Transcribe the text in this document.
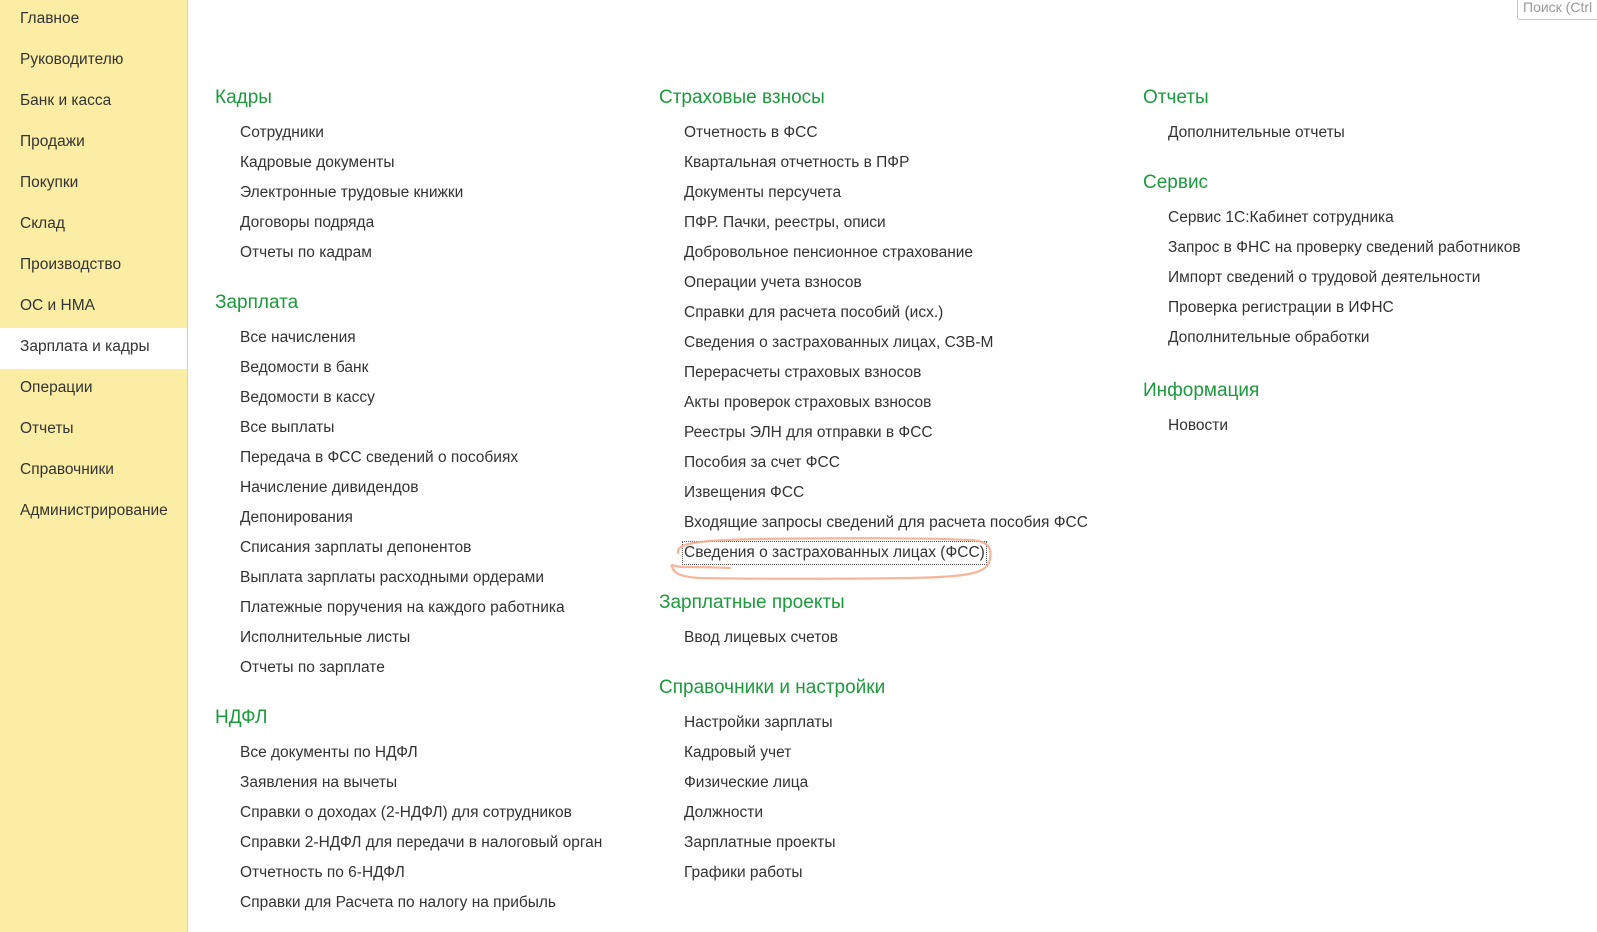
Главное
Руководителю
Банк и касса
Продажи
Покупки
Склад
Производство
ОС и НМА
Зарплата и кадры
Операции
Отчеты
Справочники
Администрирование
Поиск (Ctrl
Кадры
Сотрудники
Кадровые документы
Электронные трудовые книжки
Договоры подряда
Отчеты по кадрам
Зарплата
Все начисления
Ведомости в банк
Ведомости в кассу
Все выплаты
Передача в ФСС сведений о пособиях
Начисление дивидендов
Депонирования
Списания зарплаты депонентов
Выплата зарплаты расходными ордерами
Платежные поручения на каждого работника
Исполнительные листы
Отчеты по зарплате
НДФЛ
Все документы по НДФЛ
Заявления на вычеты
Справки о доходах (2-НДФЛ) для сотрудников
Справки 2-НДФЛ для передачи в налоговый орган
Отчетность по 6-НДФЛ
Справки для Расчета по налогу на прибыль
Страховые взносы
Отчетность в ФСС
Квартальная отчетность в ПФР
Документы персучета
ПФР. Пачки, реестры, описи
Добровольное пенсионное страхование
Операции учета взносов
Справки для расчета пособий (исх.)
Сведения о застрахованных лицах, СЗВ-М
Перерасчеты страховых взносов
Акты проверок страховых взносов
Реестры ЭЛН для отправки в ФСС
Пособия за счет ФСС
Извещения ФСС
Входящие запросы сведений для расчета пособия ФСС
Сведения о застрахованных лицах (ФСС)
Зарплатные проекты
Ввод лицевых счетов
Справочники и настройки
Настройки зарплаты
Кадровый учет
Физические лица
Должности
Зарплатные проекты
Графики работы
Отчеты
Дополнительные отчеты
Сервис
Сервис 1С:Кабинет сотрудника
Запрос в ФНС на проверку сведений работников
Импорт сведений о трудовой деятельности
Проверка регистрации в ИФНС
Дополнительные обработки
Информация
Новости
